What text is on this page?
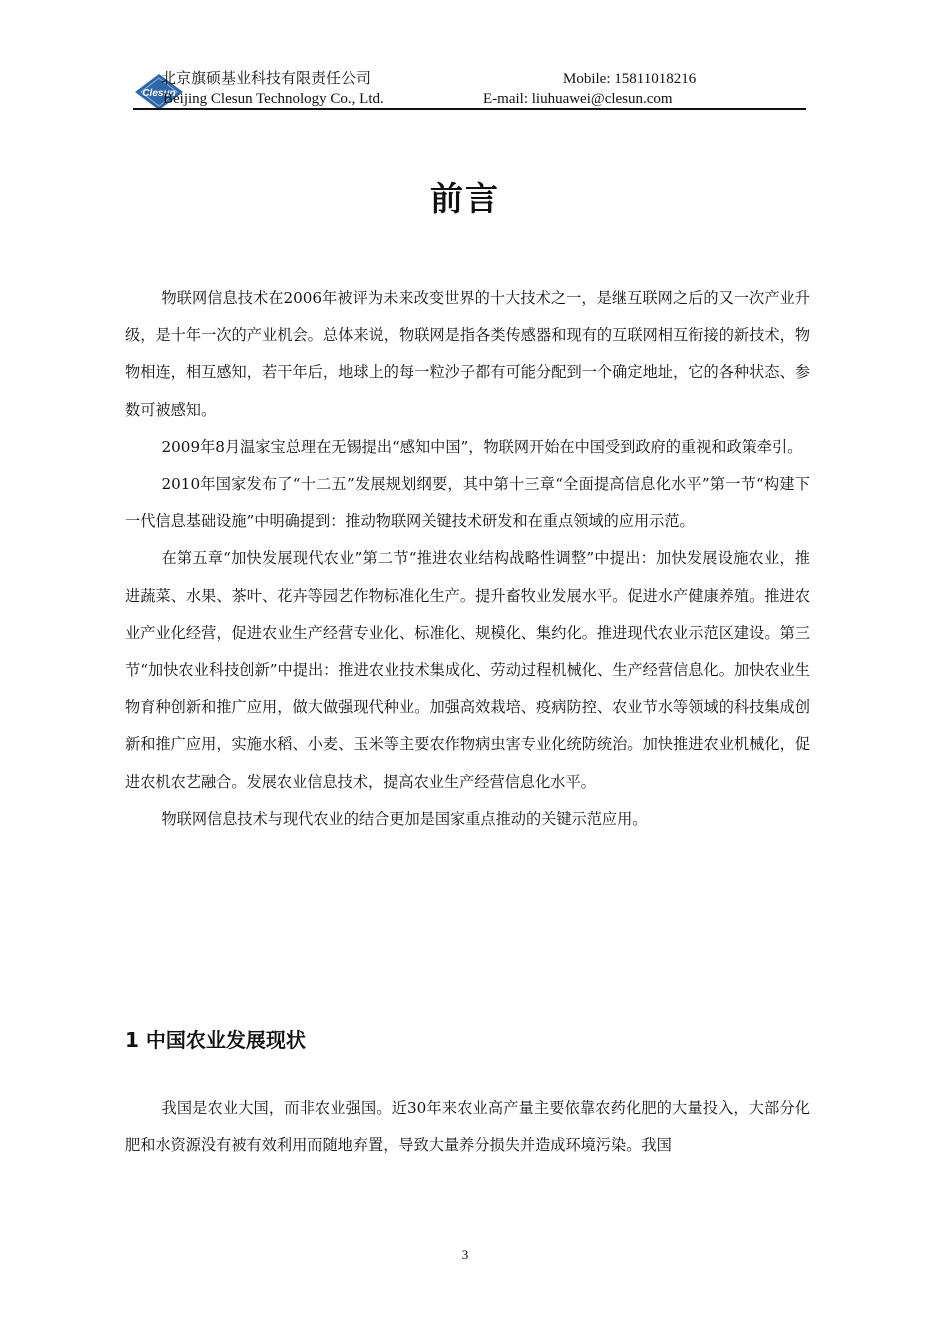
Clesun
北京旗硕基业科技有限责任公司
Beijing Clesun Technology Co., Ltd.
Mobile: 15811018216
E-mail: liuhuawei@clesun.com
前言

物联网信息技术在2006年被评为未来改变世界的十大技术之一，是继互联网之后的又一次产业升级，是十年一次的产业机会。总体来说，物联网是指各类传感器和现有的互联网相互衔接的新技术，物物相连，相互感知，若干年后，地球上的每一粒沙子都有可能分配到一个确定地址，它的各种状态、参数可被感知。

2009年8月温家宝总理在无锡提出“感知中国”，物联网开始在中国受到政府的重视和政策牵引。

2010年国家发布了“十二五”发展规划纲要，其中第十三章“全面提高信息化水平”第一节“构建下一代信息基础设施”中明确提到：推动物联网关键技术研发和在重点领域的应用示范。

在第五章“加快发展现代农业”第二节“推进农业结构战略性调整”中提出：加快发展设施农业，推进蔬菜、水果、茶叶、花卉等园艺作物标准化生产。提升畜牧业发展水平。促进水产健康养殖。推进农业产业化经营，促进农业生产经营专业化、标准化、规模化、集约化。推进现代农业示范区建设。第三节“加快农业科技创新”中提出：推进农业技术集成化、劳动过程机械化、生产经营信息化。加快农业生物育种创新和推广应用，做大做强现代种业。加强高效栽培、疫病防控、农业节水等领域的科技集成创新和推广应用，实施水稻、小麦、玉米等主要农作物病虫害专业化统防统治。加快推进农业机械化，促进农机农艺融合。发展农业信息技术，提高农业生产经营信息化水平。

物联网信息技术与现代农业的结合更加是国家重点推动的关键示范应用。

1 中国农业发展现状

我国是农业大国，而非农业强国。近30年来农业高产量主要依靠农药化肥的大量投入，大部分化肥和水资源没有被有效利用而随地弃置，导致大量养分损失并造成环境污染。我国

3
